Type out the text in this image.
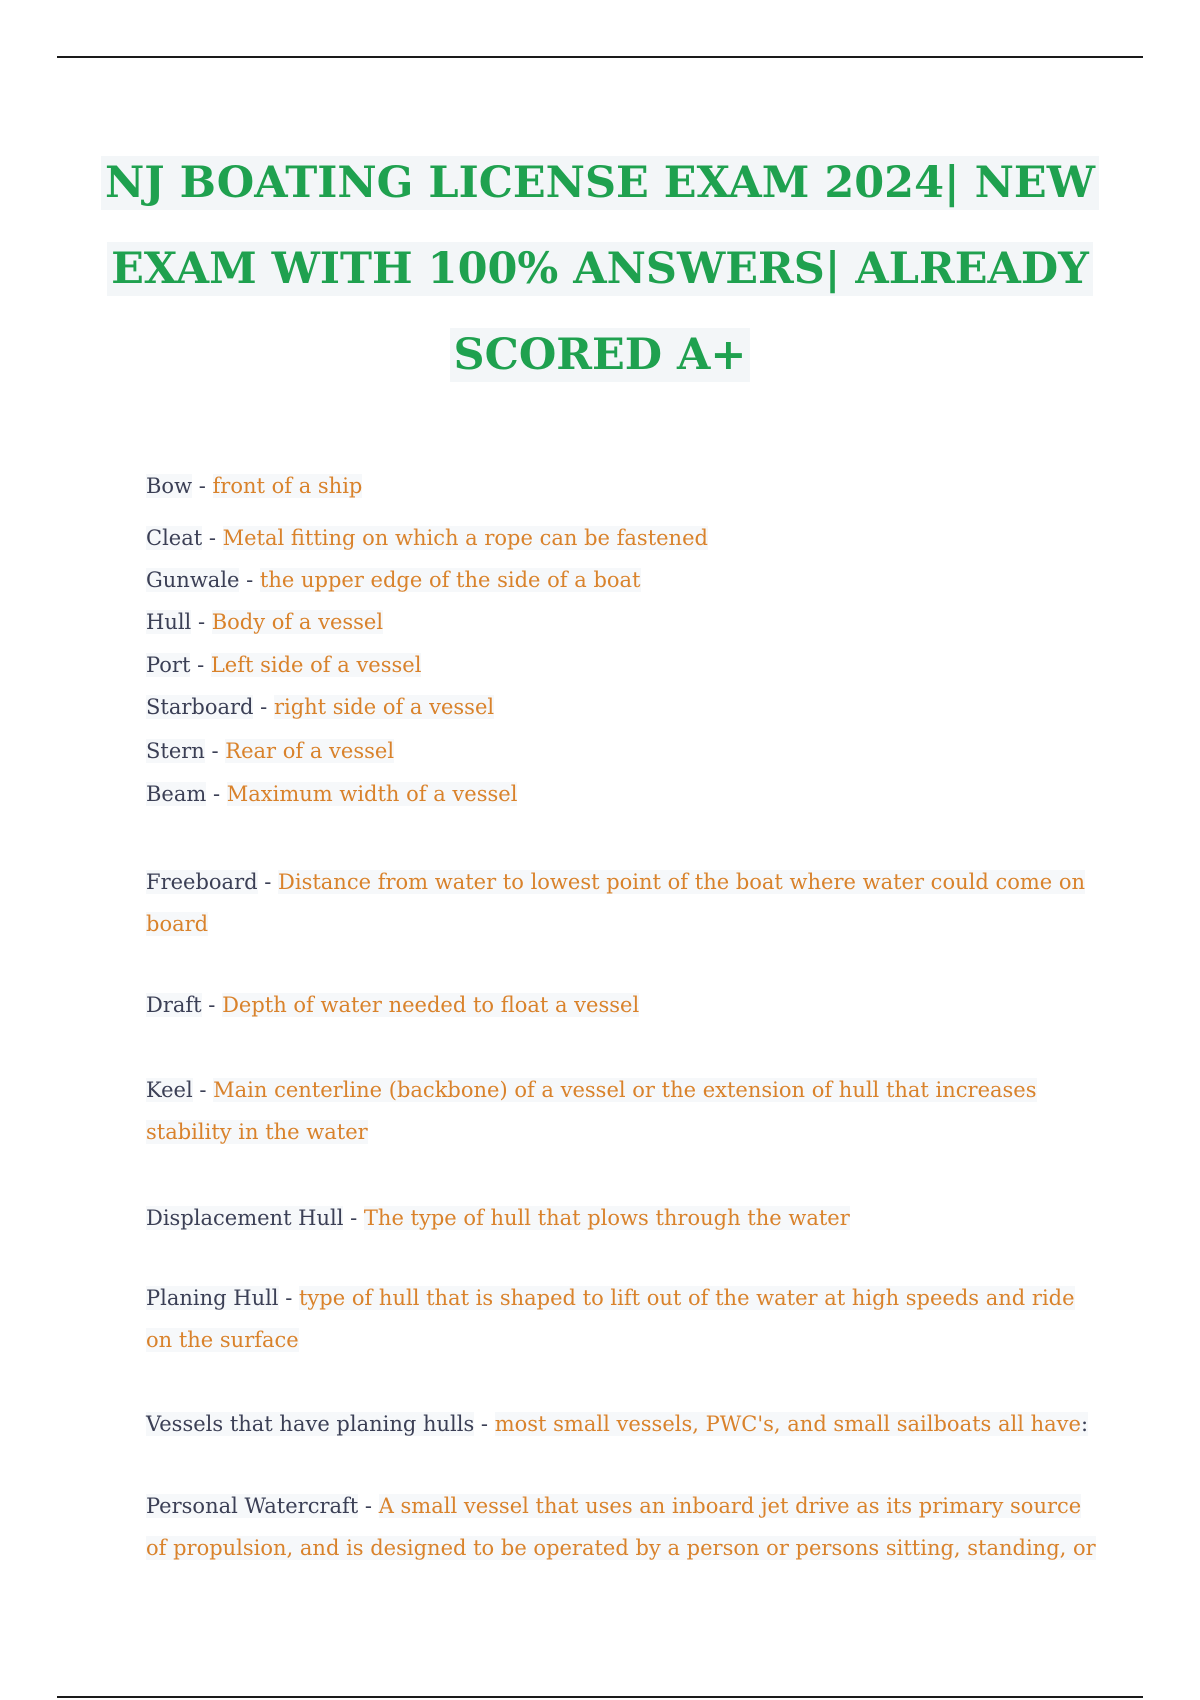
NJ BOATING LICENSE EXAM 2024| NEW
EXAM WITH 100% ANSWERS| ALREADY
SCORED A+
Bow - front of a ship
Cleat - Metal fitting on which a rope can be fastened
Gunwale - the upper edge of the side of a boat
Hull - Body of a vessel
Port - Left side of a vessel
Starboard - right side of a vessel
Stern - Rear of a vessel
Beam - Maximum width of a vessel
Freeboard - Distance from water to lowest point of the boat where water could come on board
Draft - Depth of water needed to float a vessel
Keel - Main centerline (backbone) of a vessel or the extension of hull that increases stability in the water
Displacement Hull - The type of hull that plows through the water
Planing Hull - type of hull that is shaped to lift out of the water at high speeds and ride on the surface
Vessels that have planing hulls - most small vessels, PWC's, and small sailboats all have:
Personal Watercraft - A small vessel that uses an inboard jet drive as its primary source of propulsion, and is designed to be operated by a person or persons sitting, standing, or
